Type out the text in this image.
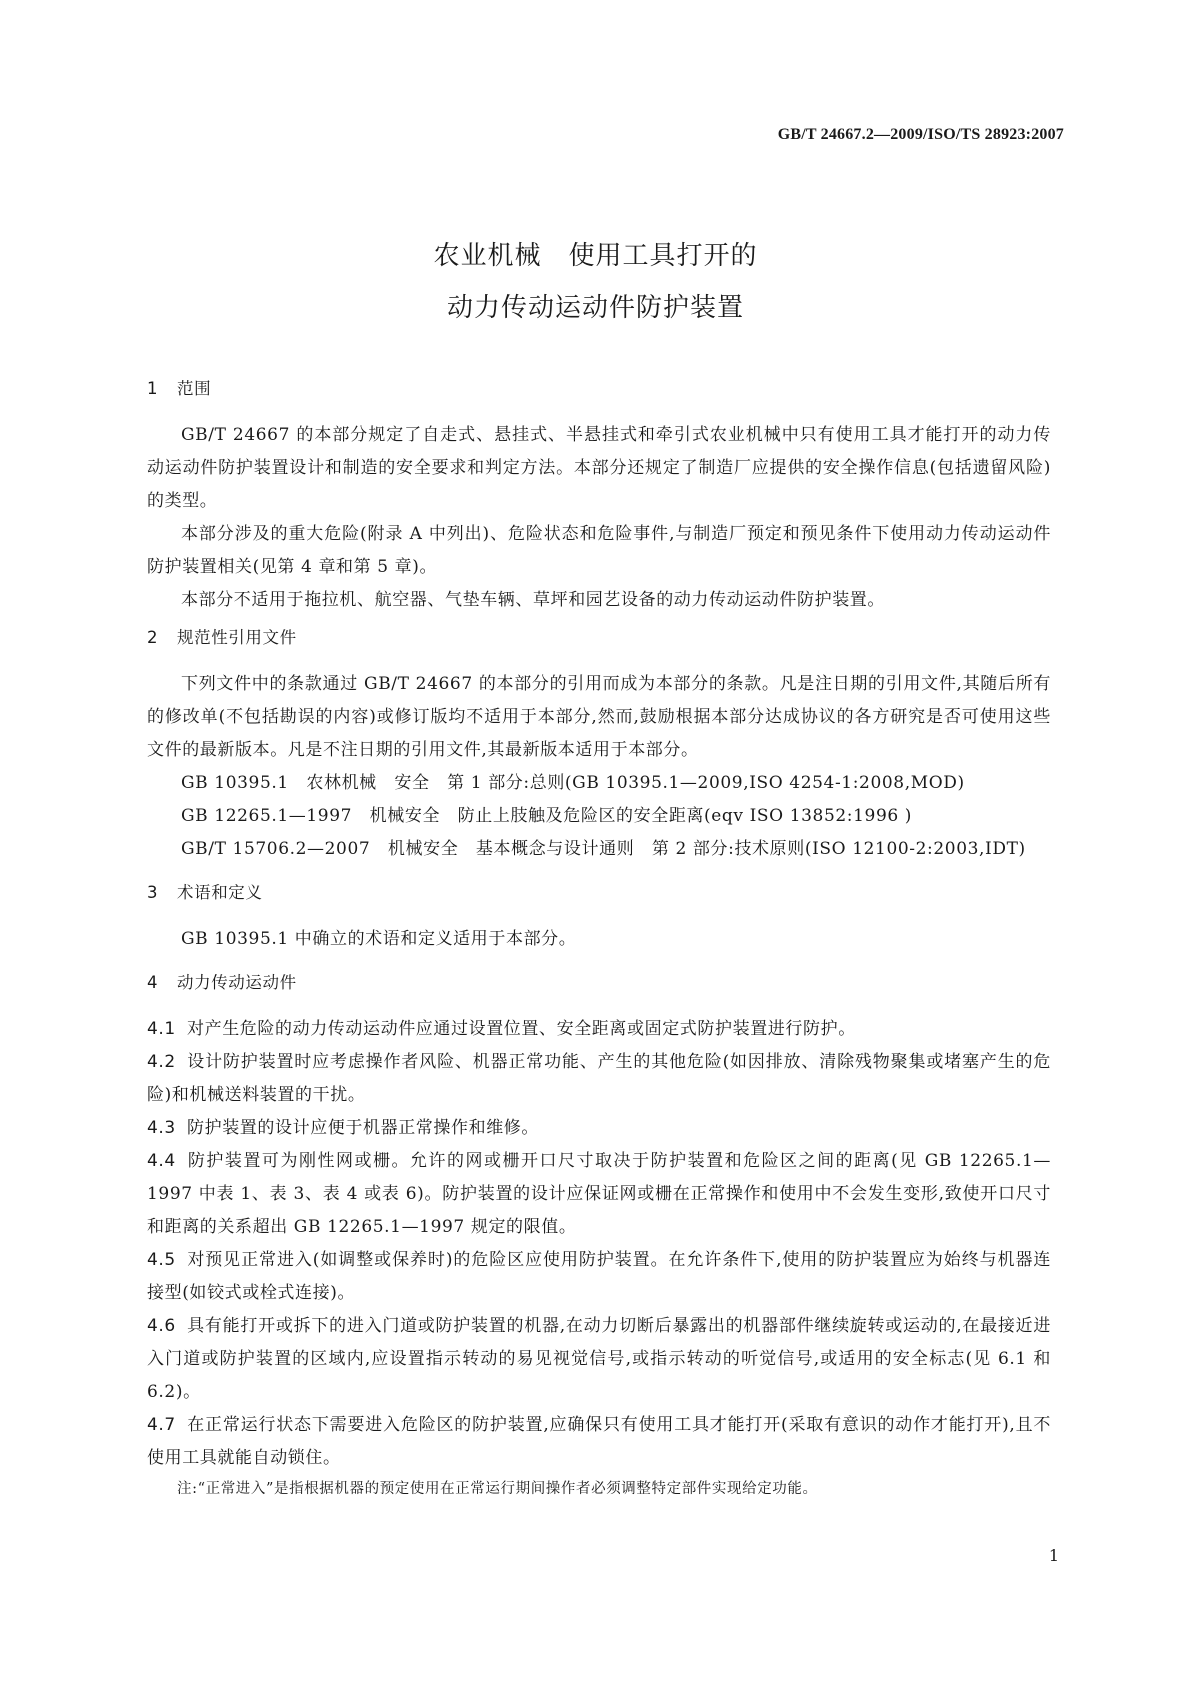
GB/T 24667.2—2009/ISO/TS 28923:2007
农业机械　使用工具打开的
动力传动运动件防护装置
1 范围

GB/T 24667 的本部分规定了自走式、悬挂式、半悬挂式和牵引式农业机械中只有使用工具才能打开的动力传动运动件防护装置设计和制造的安全要求和判定方法。本部分还规定了制造厂应提供的安全操作信息(包括遗留风险)的类型。

本部分涉及的重大危险(附录 A 中列出)、危险状态和危险事件,与制造厂预定和预见条件下使用动力传动运动件防护装置相关(见第 4 章和第 5 章)。

本部分不适用于拖拉机、航空器、气垫车辆、草坪和园艺设备的动力传动运动件防护装置。

2 规范性引用文件

下列文件中的条款通过 GB/T 24667 的本部分的引用而成为本部分的条款。凡是注日期的引用文件,其随后所有的修改单(不包括勘误的内容)或修订版均不适用于本部分,然而,鼓励根据本部分达成协议的各方研究是否可使用这些文件的最新版本。凡是不注日期的引用文件,其最新版本适用于本部分。

GB 10395.1　农林机械　安全　第 1 部分:总则(GB 10395.1—2009,ISO 4254-1:2008,MOD)

GB 12265.1—1997　机械安全　防止上肢触及危险区的安全距离(eqv ISO 13852:1996 )

GB/T 15706.2—2007　机械安全　基本概念与设计通则　第 2 部分:技术原则(ISO 12100-2:2003,IDT)

3 术语和定义

GB 10395.1 中确立的术语和定义适用于本部分。

4 动力传动运动件

4.1 对产生危险的动力传动运动件应通过设置位置、安全距离或固定式防护装置进行防护。

4.2 设计防护装置时应考虑操作者风险、机器正常功能、产生的其他危险(如因排放、清除残物聚集或堵塞产生的危险)和机械送料装置的干扰。

4.3 防护装置的设计应便于机器正常操作和维修。

4.4 防护装置可为刚性网或栅。允许的网或栅开口尺寸取决于防护装置和危险区之间的距离(见 GB 12265.1—1997 中表 1、表 3、表 4 或表 6)。防护装置的设计应保证网或栅在正常操作和使用中不会发生变形,致使开口尺寸和距离的关系超出 GB 12265.1—1997 规定的限值。

4.5 对预见正常进入(如调整或保养时)的危险区应使用防护装置。在允许条件下,使用的防护装置应为始终与机器连接型(如铰式或栓式连接)。

4.6 具有能打开或拆下的进入门道或防护装置的机器,在动力切断后暴露出的机器部件继续旋转或运动的,在最接近进入门道或防护装置的区域内,应设置指示转动的易见视觉信号,或指示转动的听觉信号,或适用的安全标志(见 6.1 和 6.2)。

4.7 在正常运行状态下需要进入危险区的防护装置,应确保只有使用工具才能打开(采取有意识的动作才能打开),且不使用工具就能自动锁住。

注:“正常进入”是指根据机器的预定使用在正常运行期间操作者必须调整特定部件实现给定功能。

1
